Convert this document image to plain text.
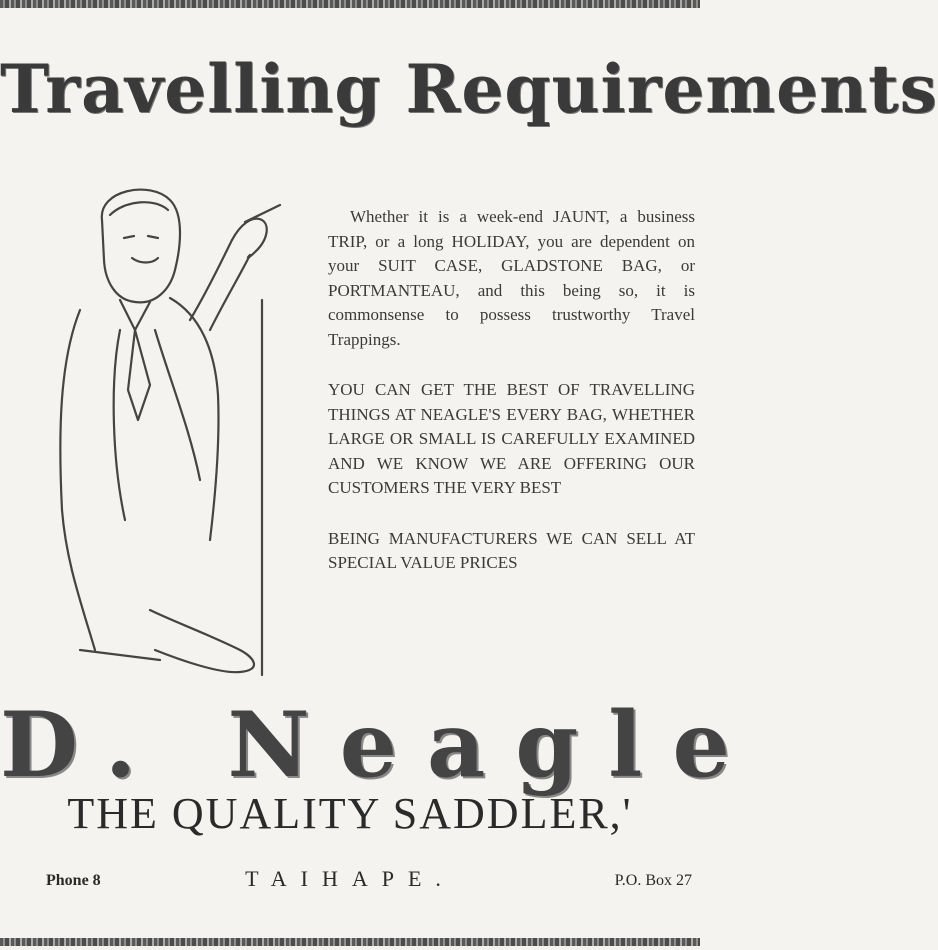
Travelling Requirements

Whether it is a week-end JAUNT, a business TRIP, or a long HOLIDAY, you are dependent on your SUIT CASE, GLADSTONE BAG, or PORTMANTEAU, and this being so, it is commonsense to possess trustworthy Travel Trappings.

YOU CAN GET THE BEST OF TRAVELLING THINGS AT NEAGLE'S EVERY BAG, WHETHER LARGE OR SMALL IS CAREFULLY EXAMINED AND WE KNOW WE ARE OFFERING OUR CUSTOMERS THE VERY BEST

BEING MANUFACTURERS WE CAN SELL AT SPECIAL VALUE PRICES

D. Neagle
THE QUALITY SADDLER,'
Phone 8	TAIHAPE.	P.O. Box 27
